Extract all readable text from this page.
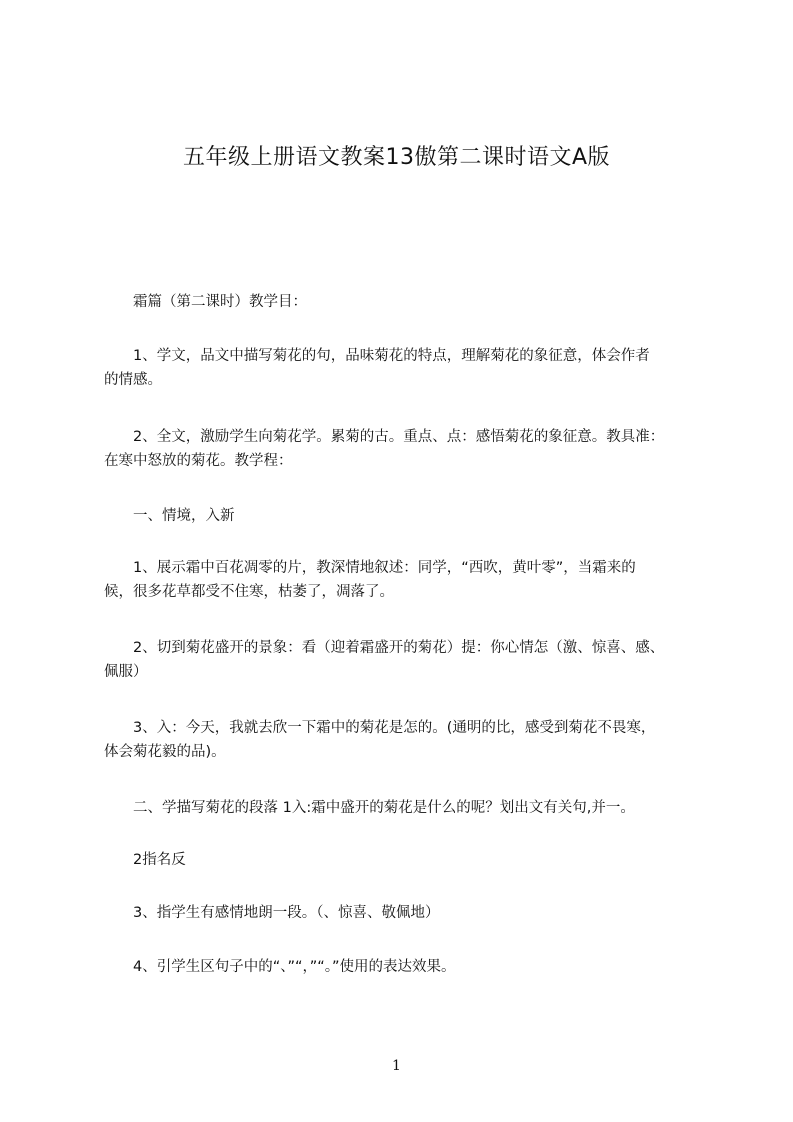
五年级上册语文教案13傲第二课时语文A版

　　霜篇（第二课时）教学目：

　　1、学文，品文中描写菊花的句，品味菊花的特点，理解菊花的象征意，体会作者
的情感。

　　2、全文，激励学生向菊花学。累菊的古。重点、点：感悟菊花的象征意。教具准：
在寒中怒放的菊花。教学程：

　　一、情境，入新

　　1、展示霜中百花凋零的片，教深情地叙述：同学，“西吹，黄叶零”，当霜来的
候，很多花草都受不住寒，枯萎了，凋落了。

　　2、切到菊花盛开的景象：看（迎着霜盛开的菊花）提：你心情怎（激、惊喜、感、
佩服）

　　3、入：今天，我就去欣一下霜中的菊花是怎的。(通明的比，感受到菊花不畏寒，
体会菊花毅的品)。

　　二、学描写菊花的段落 1入:霜中盛开的菊花是什么的呢？划出文有关句,并一。

　　2指名反

　　3、指学生有感情地朗一段。（、惊喜、敬佩地）

　　4、引学生区句子中的“、”“，”“。”使用的表达效果。

1
